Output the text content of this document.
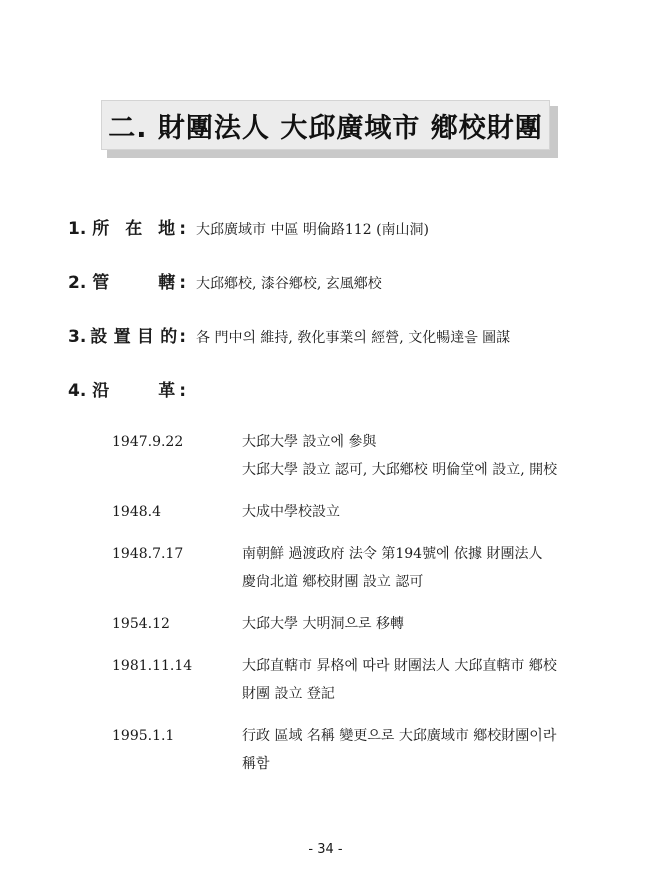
二. 財團法人 大邱廣域市 鄕校財團
1. 所 在 地 : 大邱廣域市 中區 明倫路112 (南山洞)
2. 管	轄 : 大邱鄕校, 漆谷鄕校, 玄風鄕校
3. 設 置 目 的 : 各 門中의 維持, 敎化事業의 經營, 文化暢達을 圖謀
4. 沿	革 :
1947.9.22	大邱大學 設立에 參與
大邱大學 設立 認可, 大邱鄕校 明倫堂에 設立, 開校
1948.4	大成中學校設立
1948.7.17	南朝鮮 過渡政府 法令 第194號에 依據 財團法人
慶尙北道 鄕校財團 設立 認可
1954.12	大邱大學 大明洞으로 移轉
1981.11.14	大邱直轄市 昇格에 따라 財團法人 大邱直轄市 鄕校
財團 設立 登記
1995.1.1	行政 區域 名稱 變更으로 大邱廣域市 鄕校財團이라
稱함
- 34 -
